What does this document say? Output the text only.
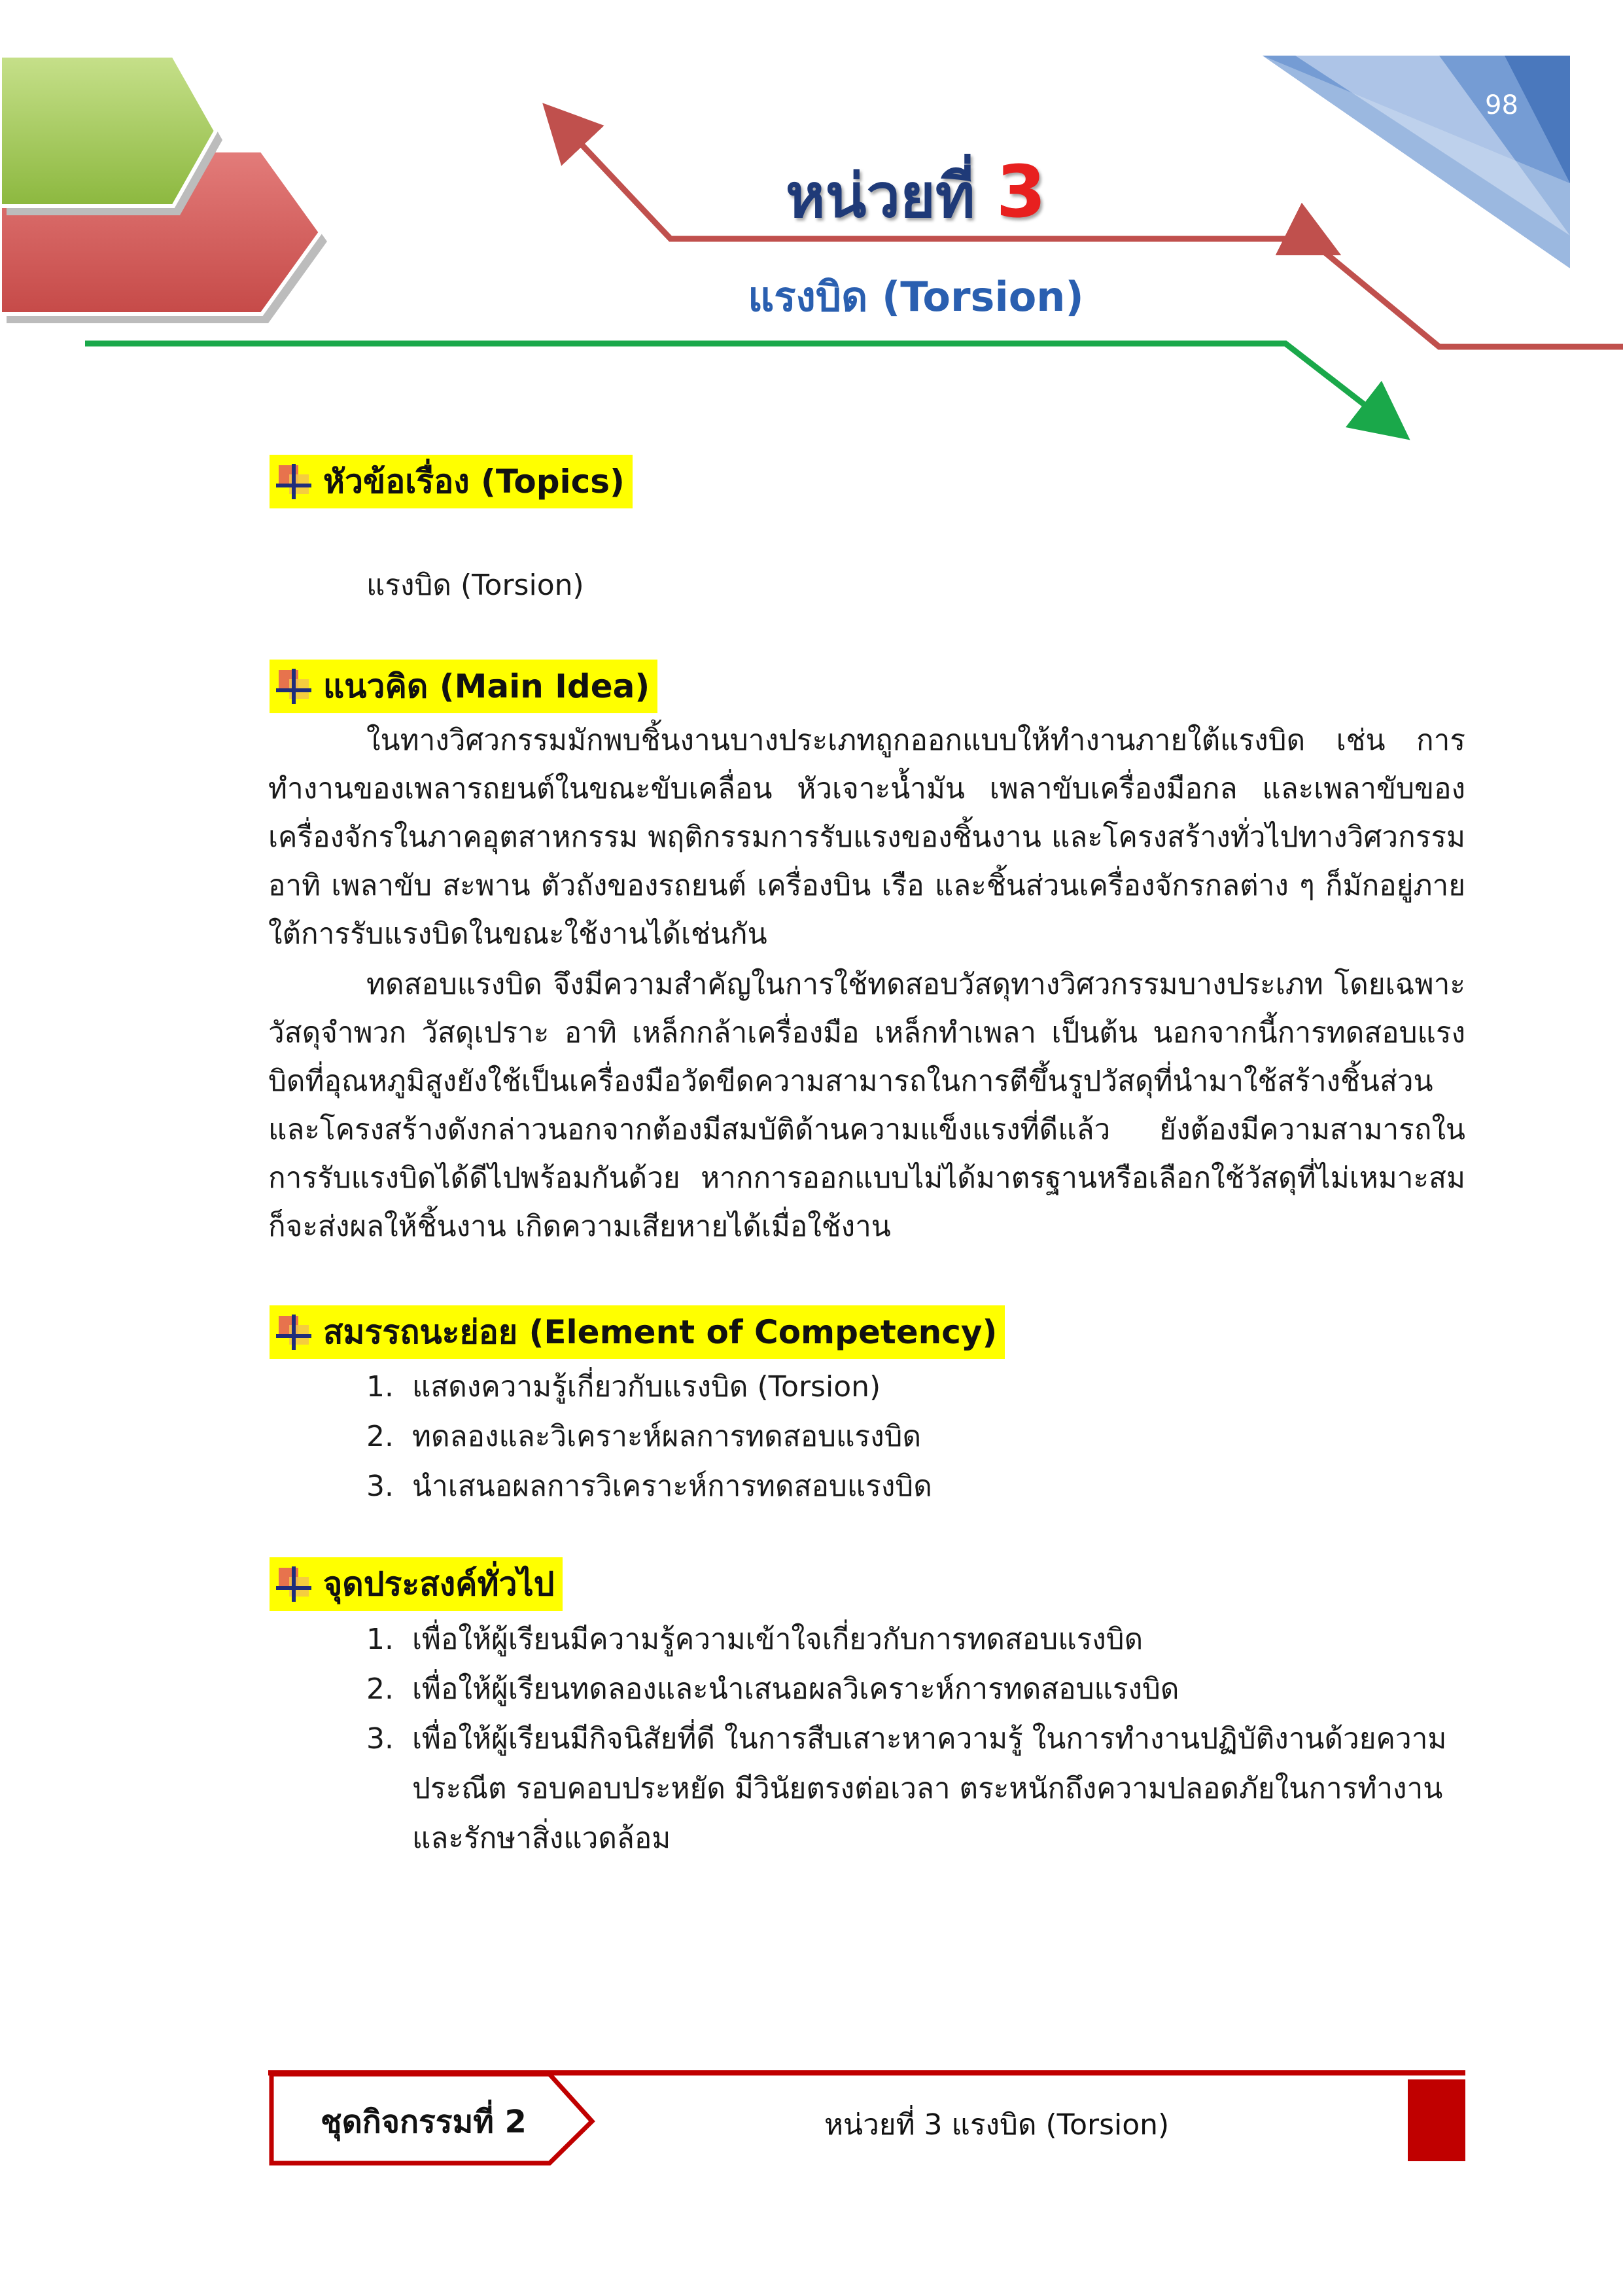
98
หน่วยที่ 3
แรงบิด (Torsion)
หัวข้อเรื่อง (Topics)
แรงบิด (Torsion)
แนวคิด (Main Idea)
ในทางวิศวกรรมมักพบชิ้นงานบางประเภทถูกออกแบบให้ทำงานภายใต้แรงบิด เช่น การทำงานของเพลารถยนต์ในขณะขับเคลื่อน หัวเจาะน้ำมัน เพลาขับเครื่องมือกล และเพลาขับของเครื่องจักรในภาคอุตสาหกรรม พฤติกรรมการรับแรงของชิ้นงาน และโครงสร้างทั่วไปทางวิศวกรรม อาทิ เพลาขับ สะพาน ตัวถังของรถยนต์ เครื่องบิน เรือ และชิ้นส่วนเครื่องจักรกลต่าง ๆ ก็มักอยู่ภายใต้การรับแรงบิดในขณะใช้งานได้เช่นกัน
ทดสอบแรงบิด จึงมีความสำคัญในการใช้ทดสอบวัสดุทางวิศวกรรมบางประเภท โดยเฉพาะวัสดุจำพวก วัสดุเปราะ อาทิ เหล็กกล้าเครื่องมือ เหล็กทำเพลา เป็นต้น นอกจากนี้การทดสอบแรงบิดที่อุณหภูมิสูงยังใช้เป็นเครื่องมือวัดขีดความสามารถในการตีขึ้นรูปวัสดุที่นำมาใช้สร้างชิ้นส่วน และโครงสร้างดังกล่าวนอกจากต้องมีสมบัติด้านความแข็งแรงที่ดีแล้ว ยังต้องมีความสามารถในการรับแรงบิดได้ดีไปพร้อมกันด้วย หากการออกแบบไม่ได้มาตรฐานหรือเลือกใช้วัสดุที่ไม่เหมาะสม ก็จะส่งผลให้ชิ้นงาน เกิดความเสียหายได้เมื่อใช้งาน
สมรรถนะย่อย (Element of Competency)
1. แสดงความรู้เกี่ยวกับแรงบิด (Torsion)
2. ทดลองและวิเคราะห์ผลการทดสอบแรงบิด
3. นำเสนอผลการวิเคราะห์การทดสอบแรงบิด
จุดประสงค์ทั่วไป
1. เพื่อให้ผู้เรียนมีความรู้ความเข้าใจเกี่ยวกับการทดสอบแรงบิด
2. เพื่อให้ผู้เรียนทดลองและนำเสนอผลวิเคราะห์การทดสอบแรงบิด
3. เพื่อให้ผู้เรียนมีกิจนิสัยที่ดี ในการสืบเสาะหาความรู้ ในการทำงานปฏิบัติงานด้วยความประณีต รอบคอบประหยัด มีวินัยตรงต่อเวลา ตระหนักถึงความปลอดภัยในการทำงาน และรักษาสิ่งแวดล้อม
ชุดกิจกรรมที่ 2	หน่วยที่ 3 แรงบิด (Torsion)
